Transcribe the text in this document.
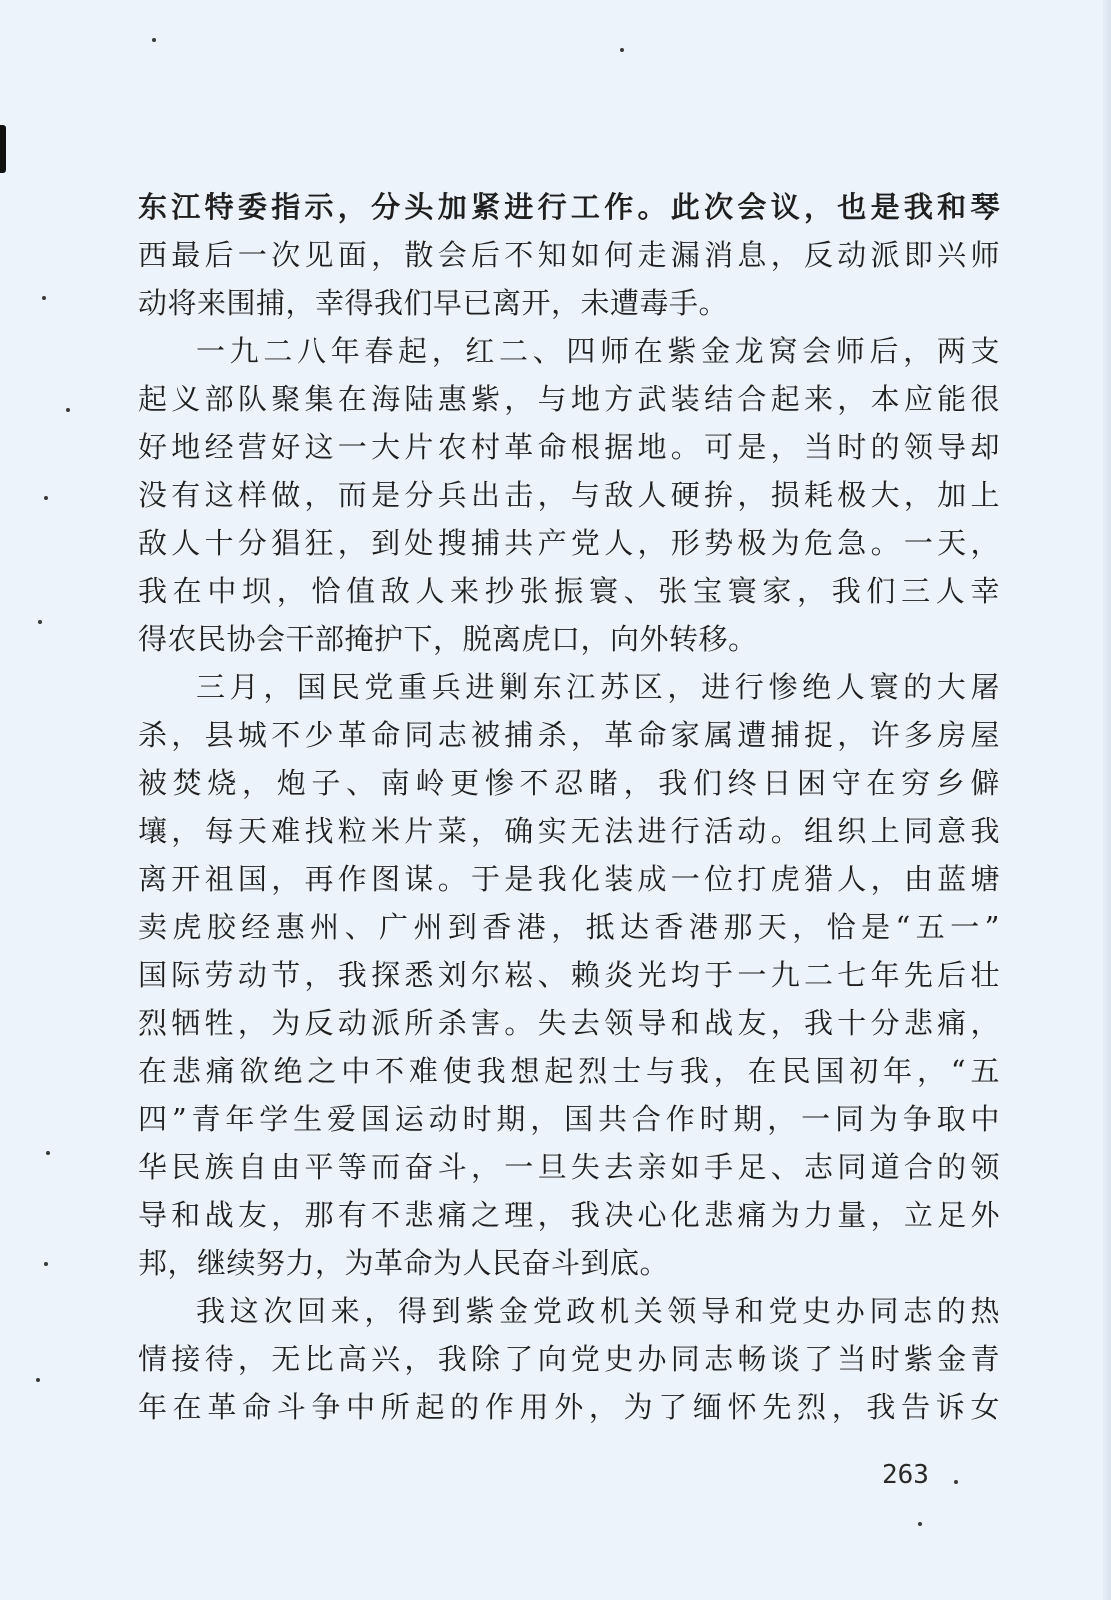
东江特委指示，分头加紧进行工作。此次会议，也是我和琴
西最后一次见面，散会后不知如何走漏消息，反动派即兴师
动将来围捕，幸得我们早已离开，未遭毒手。
一九二八年春起，红二、四师在紫金龙窝会师后，两支
起义部队聚集在海陆惠紫，与地方武装结合起来，本应能很
好地经营好这一大片农村革命根据地。可是，当时的领导却
没有这样做，而是分兵出击，与敌人硬拚，损耗极大，加上
敌人十分猖狂，到处搜捕共产党人，形势极为危急。一天，
我在中坝，恰值敌人来抄张振寰、张宝寰家，我们三人幸
得农民协会干部掩护下，脱离虎口，向外转移。
三月，国民党重兵进剿东江苏区，进行惨绝人寰的大屠
杀，县城不少革命同志被捕杀，革命家属遭捕捉，许多房屋
被焚烧，炮子、南岭更惨不忍睹，我们终日困守在穷乡僻
壤，每天难找粒米片菜，确实无法进行活动。组织上同意我
离开祖国，再作图谋。于是我化装成一位打虎猎人，由蓝塘
卖虎胶经惠州、广州到香港，抵达香港那天，恰是“五一”
国际劳动节，我探悉刘尔崧、赖炎光均于一九二七年先后壮
烈牺牲，为反动派所杀害。失去领导和战友，我十分悲痛，
在悲痛欲绝之中不难使我想起烈士与我，在民国初年，“五
四”青年学生爱国运动时期，国共合作时期，一同为争取中
华民族自由平等而奋斗，一旦失去亲如手足、志同道合的领
导和战友，那有不悲痛之理，我决心化悲痛为力量，立足外
邦，继续努力，为革命为人民奋斗到底。
我这次回来，得到紫金党政机关领导和党史办同志的热
情接待，无比高兴，我除了向党史办同志畅谈了当时紫金青
年在革命斗争中所起的作用外，为了缅怀先烈，我告诉女
263
